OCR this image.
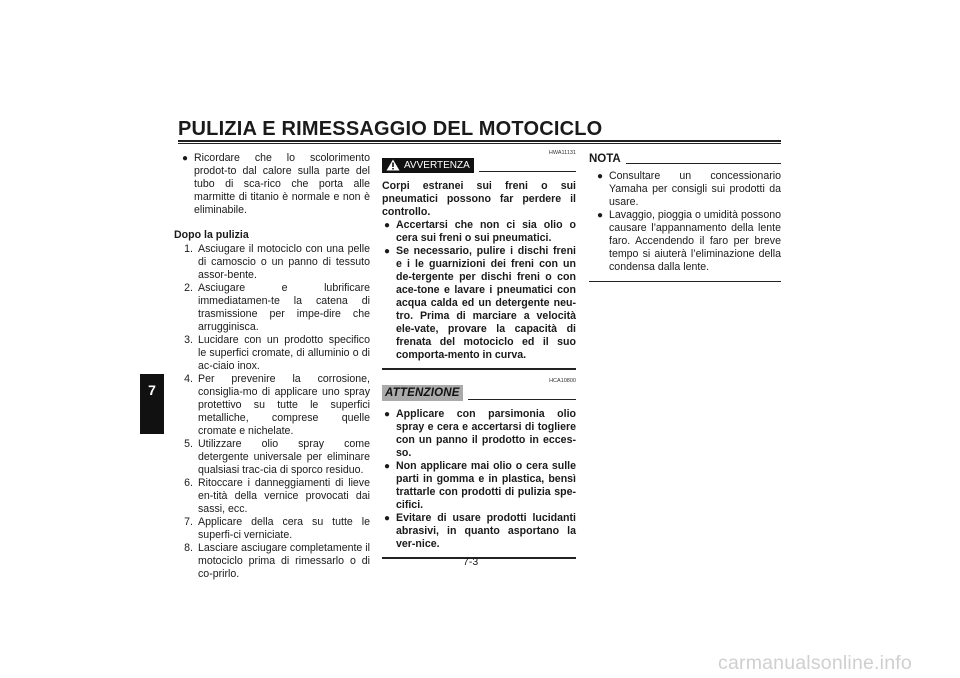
PULIZIA E RIMESSAGGIO DEL MOTOCICLO
7
● Ricordare che lo scolorimento prodot-to dal calore sulla parte del tubo di sca-rico che porta alle marmitte di titanio è normale e non è eliminabile.
Dopo la pulizia
1. Asciugare il motociclo con una pelle di camoscio o un panno di tessuto assor-bente.
2. Asciugare e lubrificare immediatamen-te la catena di trasmissione per impe-dire che arrugginisca.
3. Lucidare con un prodotto specifico le superfici cromate, di alluminio o di ac-ciaio inox.
4. Per prevenire la corrosione, consiglia-mo di applicare uno spray protettivo su tutte le superfici metalliche, comprese quelle cromate e nichelate.
5. Utilizzare olio spray come detergente universale per eliminare qualsiasi trac-cia di sporco residuo.
6. Ritoccare i danneggiamenti di lieve en-tità della vernice provocati dai sassi, ecc.
7. Applicare della cera su tutte le superfi-ci verniciate.
8. Lasciare asciugare completamente il motociclo prima di rimessarlo o di co-prirlo.
HWA11131
AVVERTENZA
Corpi estranei sui freni o sui pneumatici possono far perdere il controllo.
● Accertarsi che non ci sia olio o cera sui freni o sui pneumatici.
● Se necessario, pulire i dischi freni e i le guarnizioni dei freni con un de-tergente per dischi freni o con ace-tone e lavare i pneumatici con acqua calda ed un detergente neu-tro. Prima di marciare a velocità ele-vate, provare la capacità di frenata del motociclo ed il suo comporta-mento in curva.
HCA10800
ATTENZIONE
● Applicare con parsimonia olio spray e cera e accertarsi di togliere con un panno il prodotto in ecces-so.
● Non applicare mai olio o cera sulle parti in gomma e in plastica, bensì trattarle con prodotti di pulizia spe-cifici.
● Evitare di usare prodotti lucidanti abrasivi, in quanto asportano la ver-nice.
NOTA
● Consultare un concessionario Yamaha per consigli sui prodotti da usare.
● Lavaggio, pioggia o umidità possono causare l’appannamento della lente faro. Accendendo il faro per breve tempo si aiuterà l’eliminazione della condensa dalla lente.
7-3
carmanualsonline.info
